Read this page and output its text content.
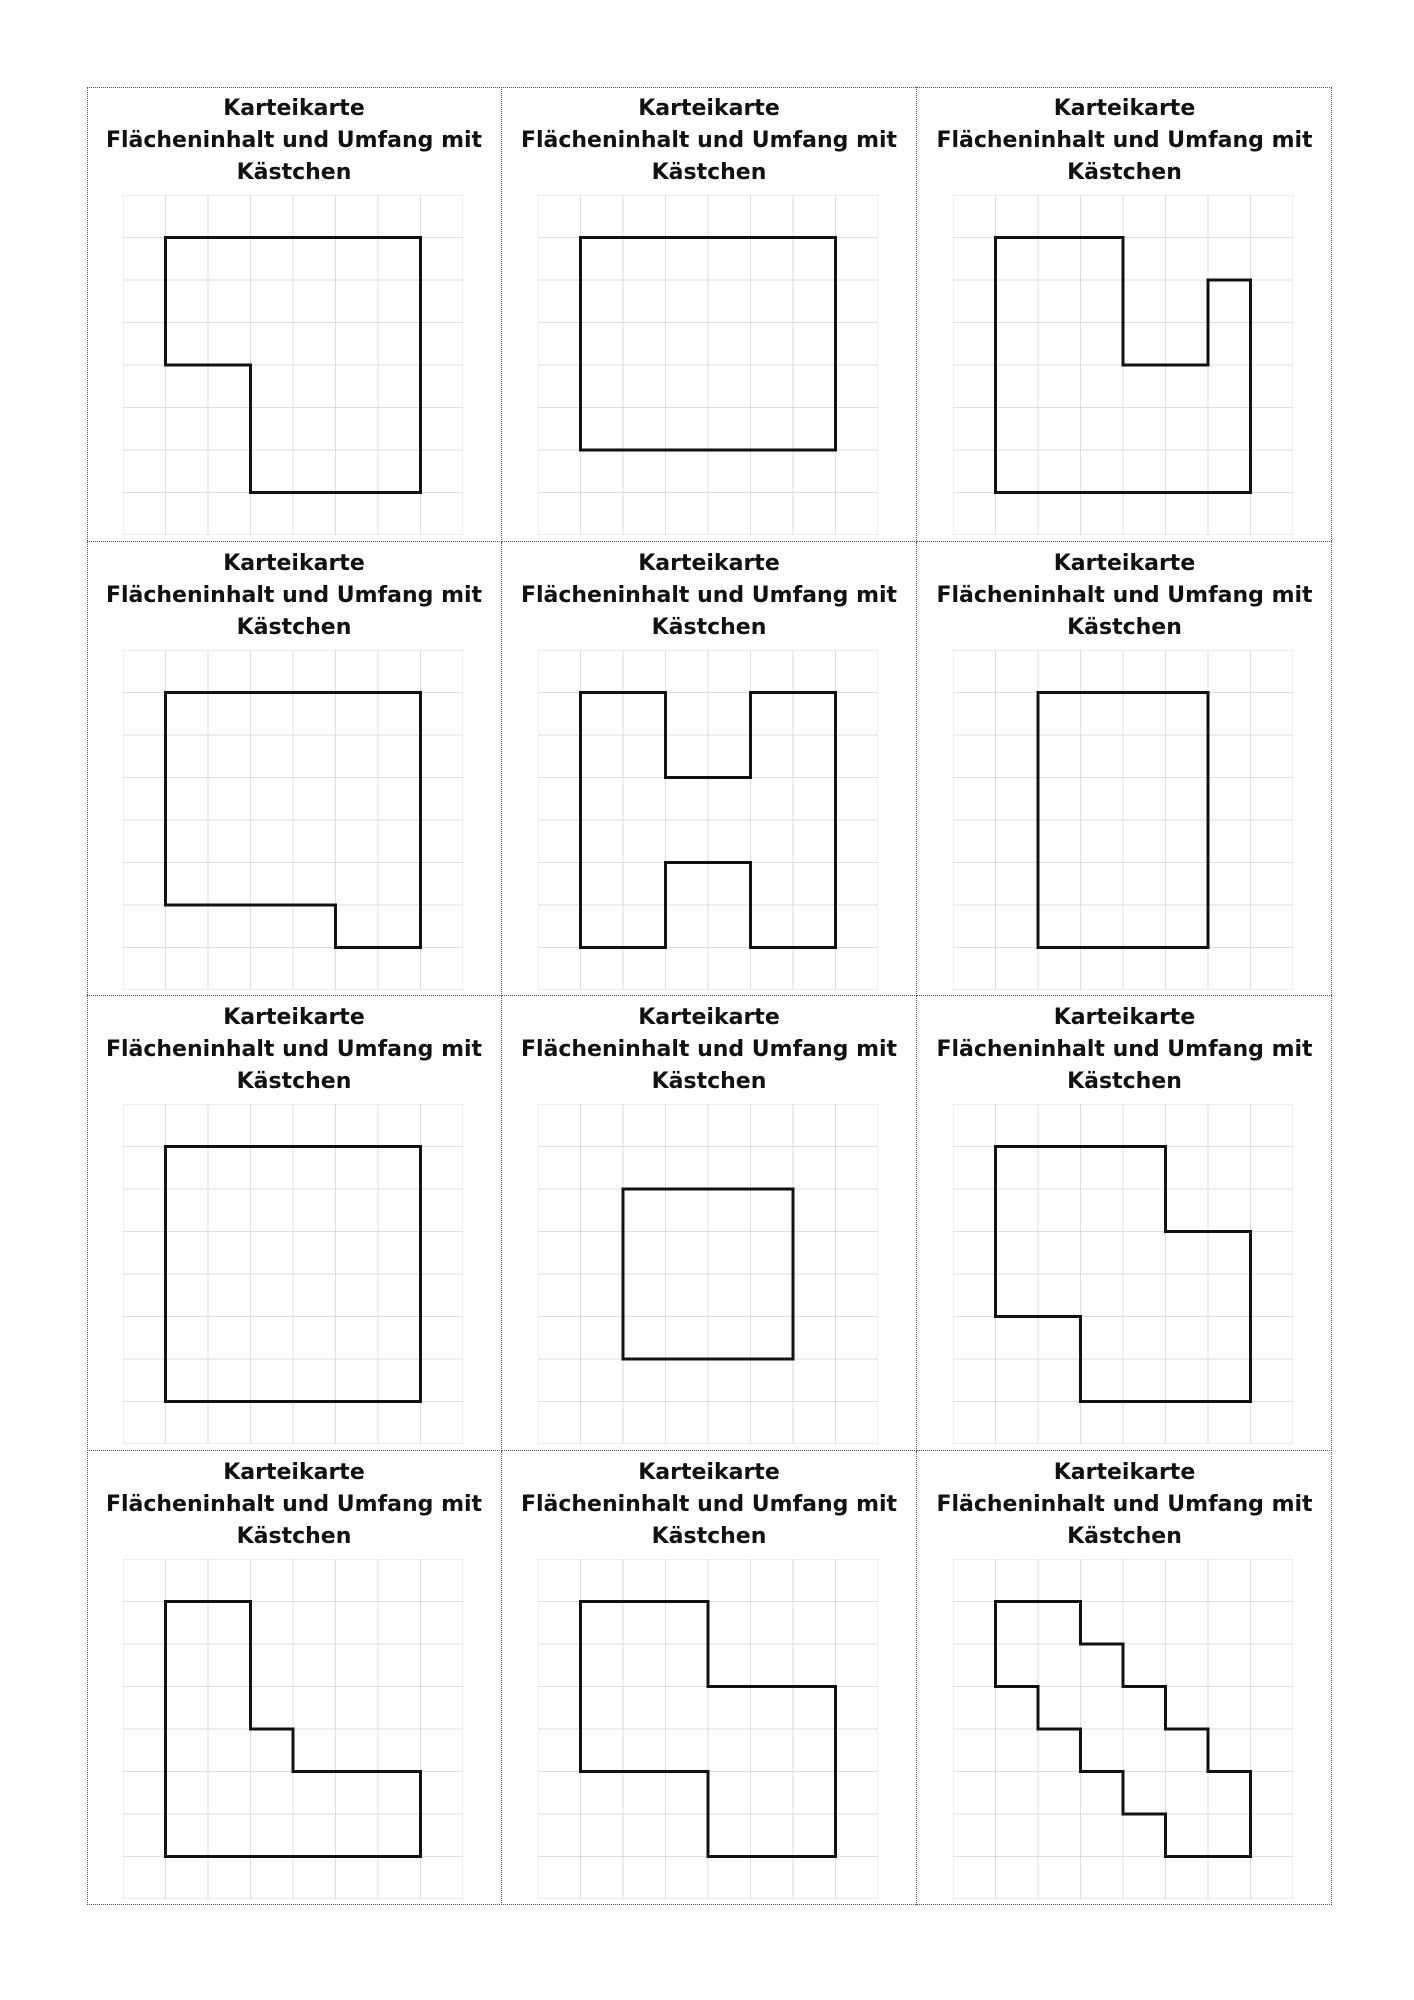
Karteikarte
Flächeninhalt und Umfang mit
Kästchen
Karteikarte
Flächeninhalt und Umfang mit
Kästchen
Karteikarte
Flächeninhalt und Umfang mit
Kästchen
Karteikarte
Flächeninhalt und Umfang mit
Kästchen
Karteikarte
Flächeninhalt und Umfang mit
Kästchen
Karteikarte
Flächeninhalt und Umfang mit
Kästchen
Karteikarte
Flächeninhalt und Umfang mit
Kästchen
Karteikarte
Flächeninhalt und Umfang mit
Kästchen
Karteikarte
Flächeninhalt und Umfang mit
Kästchen
Karteikarte
Flächeninhalt und Umfang mit
Kästchen
Karteikarte
Flächeninhalt und Umfang mit
Kästchen
Karteikarte
Flächeninhalt und Umfang mit
Kästchen
